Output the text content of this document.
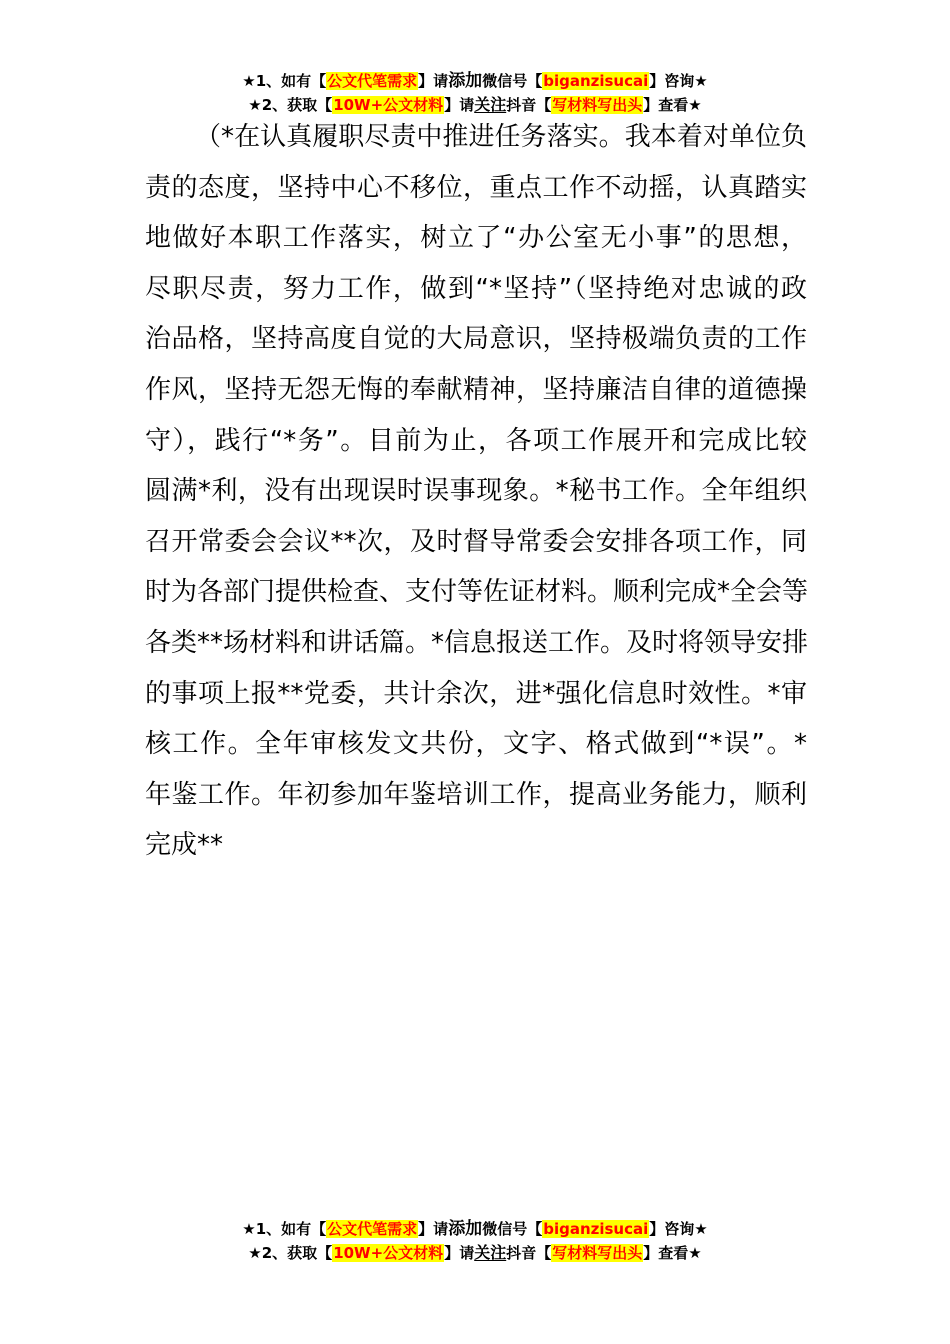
★1、如有【公文代笔需求】请添加微信号【biganzisucai】咨询★
★2、获取【10W+公文材料】请关注抖音【写材料写出头】查看★
（*在认真履职尽责中推进任务落实。我本着对单位负
责的态度，坚持中心不移位，重点工作不动摇，认真踏实
地做好本职工作落实，树立了“办公室无小事”的思想，
尽职尽责，努力工作，做到“*坚持”（坚持绝对忠诚的政
治品格，坚持高度自觉的大局意识，坚持极端负责的工作
作风，坚持无怨无悔的奉献精神，坚持廉洁自律的道德操
守），践行“*务”。目前为止，各项工作展开和完成比较
圆满*利，没有出现误时误事现象。*秘书工作。全年组织
召开常委会会议**次，及时督导常委会安排各项工作，同
时为各部门提供检查、支付等佐证材料。顺利完成*全会等
各类**场材料和讲话篇。*信息报送工作。及时将领导安排
的事项上报**党委，共计余次，进*强化信息时效性。*审
核工作。全年审核发文共份，文字、格式做到“*误”。*
年鉴工作。年初参加年鉴培训工作，提高业务能力，顺利
完成**
★1、如有【公文代笔需求】请添加微信号【biganzisucai】咨询★
★2、获取【10W+公文材料】请关注抖音【写材料写出头】查看★
